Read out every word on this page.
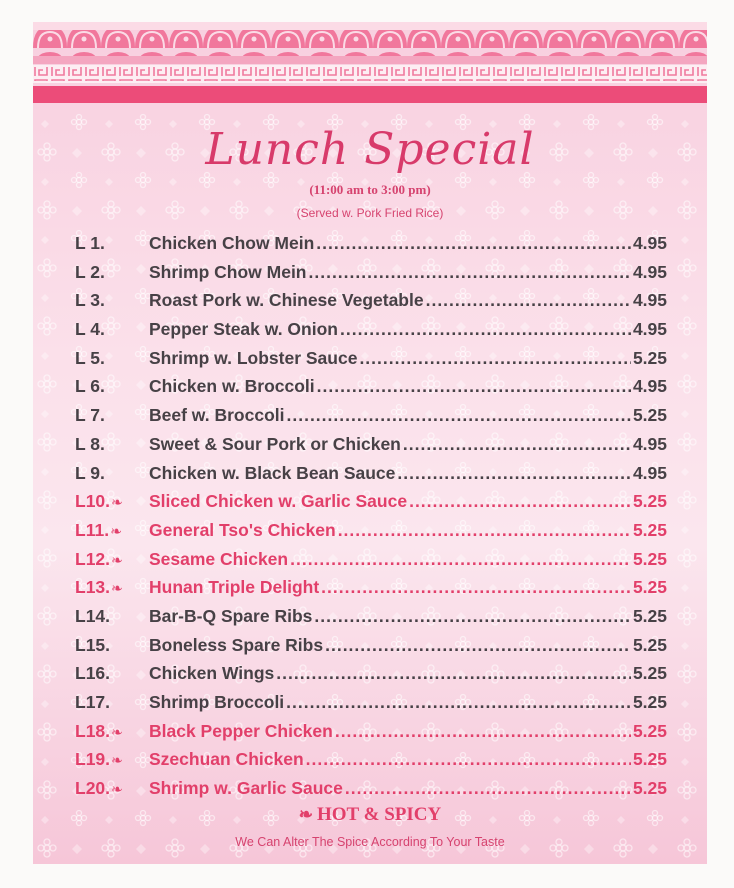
Lunch Special
(11:00 am to 3:00 pm)
(Served w. Pork Fried Rice)
L 1.	Chicken Chow Mein .....	4.95
L 2.	Shrimp Chow Mein .....	4.95
L 3.	Roast Pork w. Chinese Vegetable .....	4.95
L 4.	Pepper Steak w. Onion .....	4.95
L 5.	Shrimp w. Lobster Sauce .....	5.25
L 6.	Chicken w. Broccoli .....	4.95
L 7.	Beef w. Broccoli .....	5.25
L 8.	Sweet & Sour Pork or Chicken .....	4.95
L 9.	Chicken w. Black Bean Sauce .....	4.95
L10. ❧ Sliced Chicken w. Garlic Sauce .....	5.25
L11. ❧ General Tso's Chicken .....	5.25
L12. ❧ Sesame Chicken .....	5.25
L13. ❧ Hunan Triple Delight .....	5.25
L14. Bar-B-Q Spare Ribs .....	5.25
L15. Boneless Spare Ribs .....	5.25
L16. Chicken Wings .....	5.25
L17. Shrimp Broccoli .....	5.25
L18. ❧ Black Pepper Chicken .....	5.25
L19. ❧ Szechuan Chicken .....	5.25
L20. ❧ Shrimp w. Garlic Sauce .....	5.25
❧ HOT & SPICY
We Can Alter The Spice According To Your Taste
